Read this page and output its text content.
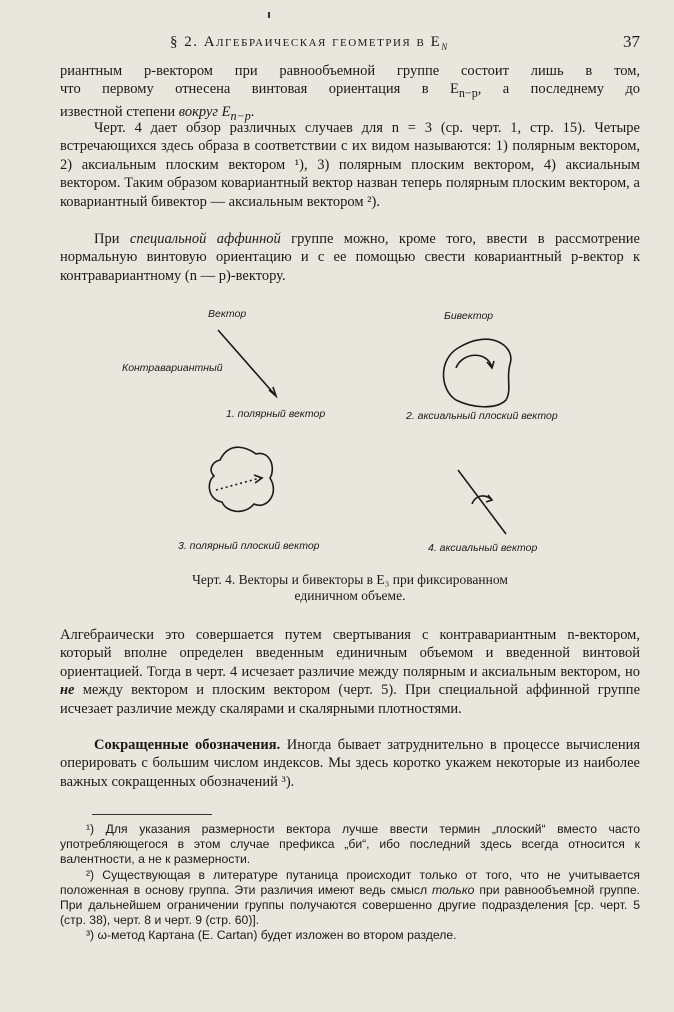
§ 2. Алгебраическая геометрия в $E_n$	37

риантным p-вектором при равнообъемной группе состоит лишь в том,

что первому отнесена винтовая ориентация в $E_{n-p}$, а последнему до

известной степени вокруг $E_{n-p}$.

Черт. 4 дает обзор различных случаев для n = 3 (ср. черт. 1, стр. 15). Четыре встречающихся здесь образа в соответствии с их видом называются: 1) полярным вектором, 2) аксиальным плоским вектором ¹), 3) полярным плоским вектором, 4) аксиальным вектором. Таким образом ковариантный вектор назван теперь полярным плоским вектором, а ковариантный бивектор — аксиальным вектором ²).

При специальной аффинной группе можно, кроме того, ввести в рассмотрение нормальную винтовую ориентацию и с ее помощью свести ковариантный p-вектор к контравариантному (n — p)-вектору.

Вектор
Контравариантный
1. полярный вектор
Бивектор
2. аксиальный плоский вектор
3. полярный плоский вектор	4. аксиальный вектор
Черт. 4. Векторы и бивекторы в E₃ при фиксированном
единичном объеме.

Алгебраически это совершается путем свертывания с контравариантным n-вектором, который вполне определен введенным единичным объемом и введенной винтовой ориентацией. Тогда в черт. 4 исчезает различие между полярным и аксиальным вектором, но не между вектором и плоским вектором (черт. 5). При специальной аффинной группе исчезает различие между скалярами и скалярными плотностями.

Сокращенные обозначения. Иногда бывает затруднительно в процессе вычисления оперировать с большим числом индексов. Мы здесь коротко укажем некоторые из наиболее важных сокращенных обозначений ³).

¹) Для указания размерности вектора лучше ввести термин „плоский“ вместо часто употребляющегося в этом случае префикса „би“, ибо последний здесь всегда относится к валентности, а не к размерности.

²) Существующая в литературе путаница происходит только от того, что не учитывается положенная в основу группа. Эти различия имеют ведь смысл только при равнообъемной группе. При дальнейшем ограничении группы получаются совершенно другие подразделения [ср. черт. 5 (стр. 38), черт. 8 и черт. 9 (стр. 60)].

³) ω-метод Картана (E. Cartan) будет изложен во втором разделе.
